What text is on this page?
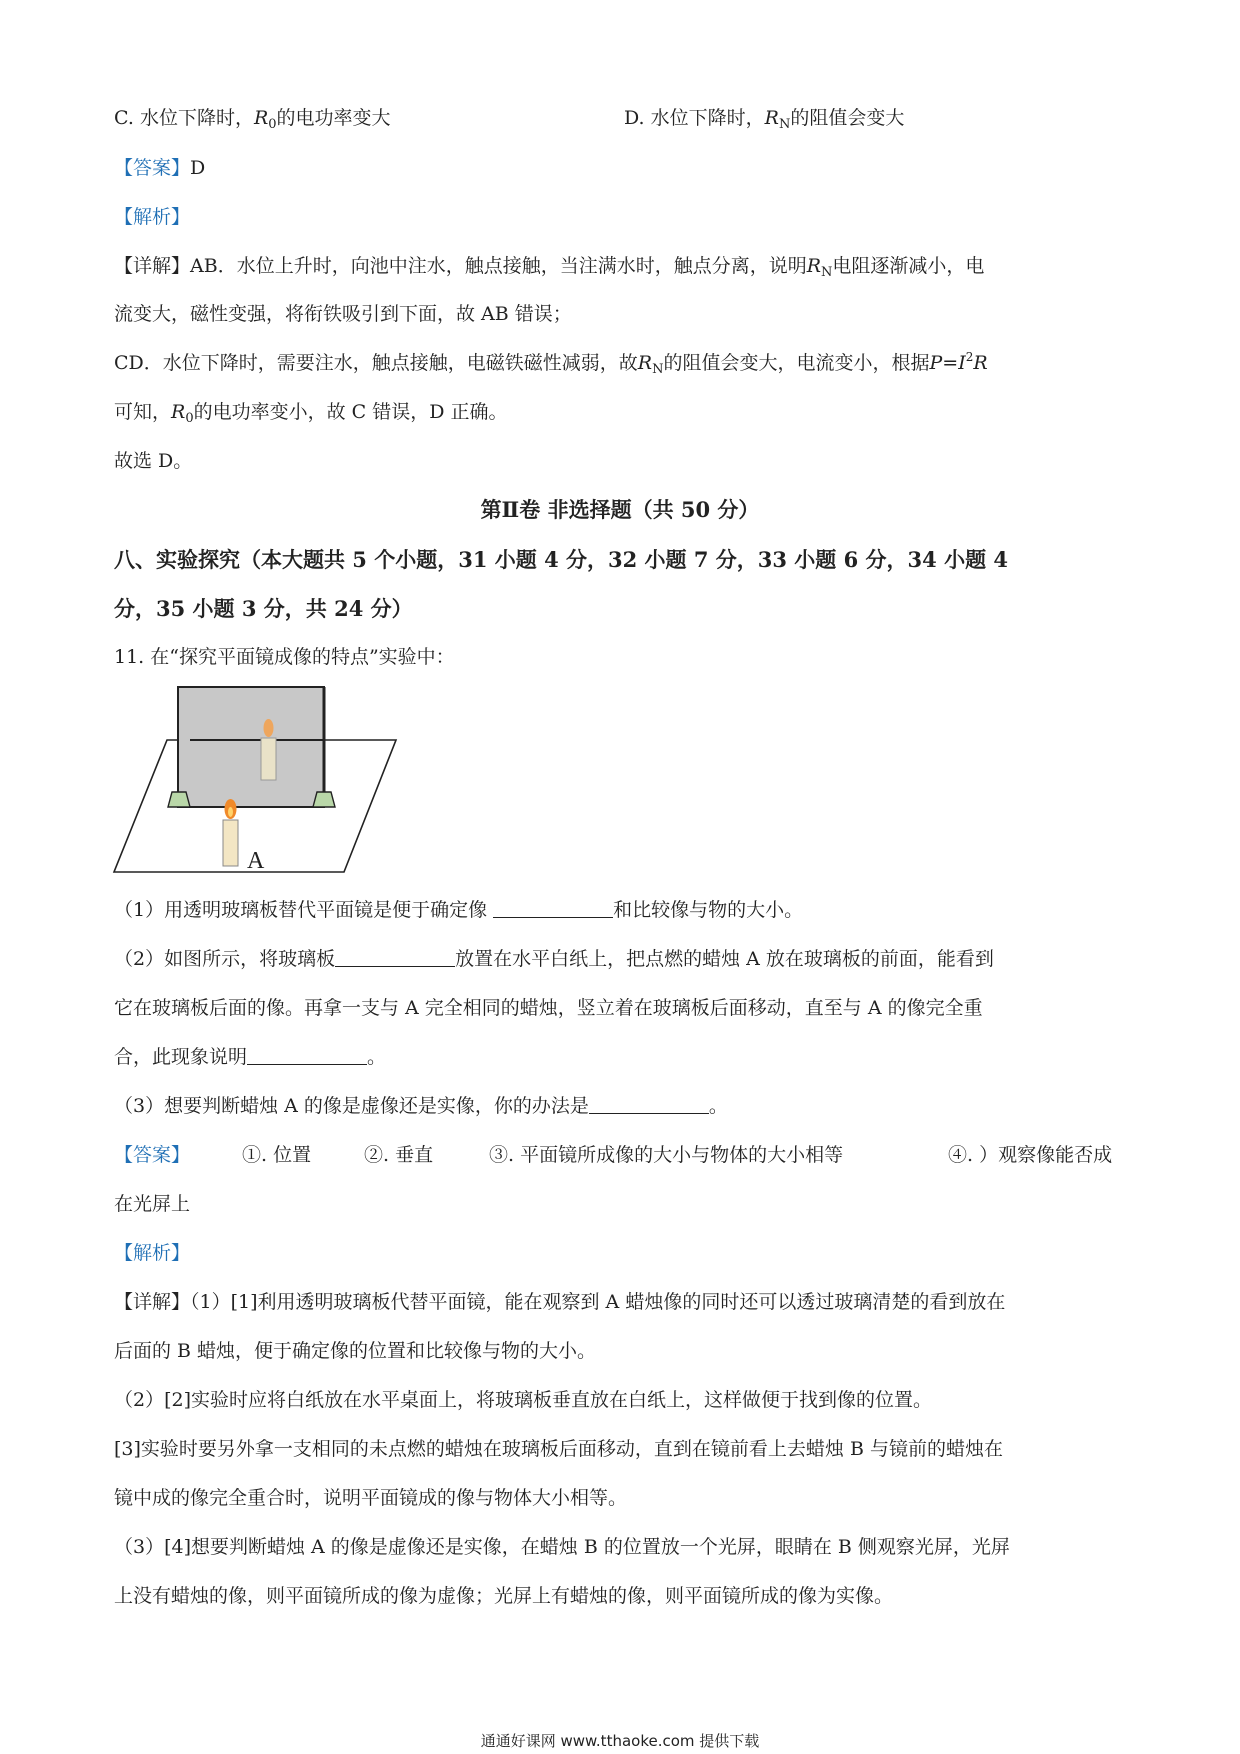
C. 水位下降时，$R_0$的电功率变大	D. 水位下降时，$R_N$的阻值会变大
【答案】D
【解析】
【详解】AB．水位上升时，向池中注水，触点接触，当注满水时，触点分离，说明$R_N$电阻逐渐减小，电
流变大，磁性变强，将衔铁吸引到下面，故 AB 错误；
CD．水位下降时，需要注水，触点接触，电磁铁磁性减弱，故$R_N$的阻值会变大，电流变小，根据$P=I^2R$
可知，$R_0$的电功率变小，故 C 错误，D 正确。
故选 D。
第Ⅱ卷 非选择题（共 50 分）
八、实验探究（本大题共 5 个小题，31 小题 4 分，32 小题 7 分，33 小题 6 分，34 小题 4
分，35 小题 3 分，共 24 分）
11. 在“探究平面镜成像的特点”实验中：
A
（1）用透明玻璃板替代平面镜是便于确定像	和比较像与物的大小。
（2）如图所示，将玻璃板	放置在水平白纸上，把点燃的蜡烛 A 放在玻璃板的前面，能看到
它在玻璃板后面的像。再拿一支与 A 完全相同的蜡烛，竖立着在玻璃板后面移动，直至与 A 的像完全重
合，此现象说明	。
（3）想要判断蜡烛 A 的像是虚像还是实像，你的办法是	。
【答案】	①. 位置	②. 垂直	③. 平面镜所成像的大小与物体的大小相等	④. ）观察像能否成
在光屏上
【解析】
【详解】（1）[1]利用透明玻璃板代替平面镜，能在观察到 A 蜡烛像的同时还可以透过玻璃清楚的看到放在
后面的 B 蜡烛，便于确定像的位置和比较像与物的大小。
（2）[2]实验时应将白纸放在水平桌面上，将玻璃板垂直放在白纸上，这样做便于找到像的位置。
[3]实验时要另外拿一支相同的未点燃的蜡烛在玻璃板后面移动，直到在镜前看上去蜡烛 B 与镜前的蜡烛在
镜中成的像完全重合时，说明平面镜成的像与物体大小相等。
（3）[4]想要判断蜡烛 A 的像是虚像还是实像，在蜡烛 B 的位置放一个光屏，眼睛在 B 侧观察光屏，光屏
上没有蜡烛的像，则平面镜所成的像为虚像；光屏上有蜡烛的像，则平面镜所成的像为实像。
通通好课网 www.tthaoke.com 提供下载
